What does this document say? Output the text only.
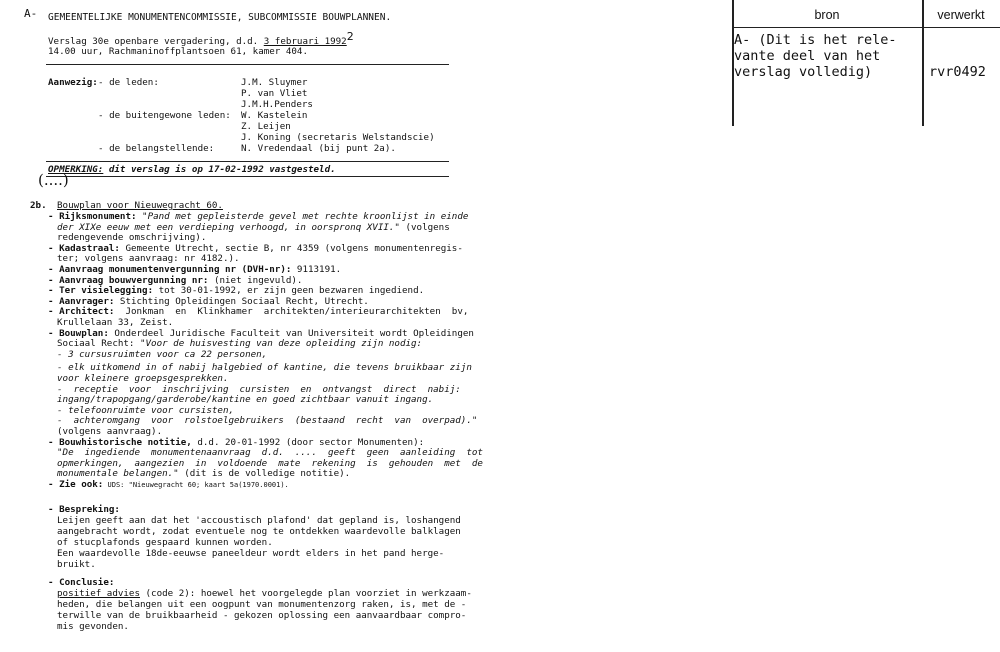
A- GEMEENTELIJKE MONUMENTENCOMMISSIE, SUBCOMMISSIE BOUWPLANNEN.
Verslag 30e openbare vergadering, d.d. 3 februari 19922
14.00 uur, Rachmaninoffplantsoen 61, kamer 404.
Aanwezig: - de leden:	J.M. Sluymer
P. van Vliet
J.M.H.Penders
- de buitengewone leden: W. Kastelein
Z. Leijen
J. Koning (secretaris Welstandscie)
- de belangstellende:	N. Vredendaal (bij punt 2a).
OPMERKING: dit verslag is op 17-02-1992 vastgesteld.
(....)
2b. Bouwplan voor Nieuwegracht 60.
- Rijksmonument: "Pand met gepleisterde gevel met rechte kroonlijst in einde
der XIXe eeuw met een verdieping verhoogd, in oorspronq XVII." (volgens
redengevende omschrijving).
- Kadastraal: Gemeente Utrecht, sectie B, nr 4359 (volgens monumentenregis-
ter; volgens aanvraag: nr 4182.).
- Aanvraag monumentenvergunning nr (DVH-nr): 9113191.
- Aanvraag bouwvergunning nr: (niet ingevuld).
- Ter visielegging: tot 30-01-1992, er zijn geen bezwaren ingediend.
- Aanvrager: Stichting Opleidingen Sociaal Recht, Utrecht.
- Architect:  Jonkman  en  Klinkhamer  architekten/interieurarchitekten  bv,
Krullelaan 33, Zeist.
- Bouwplan: Onderdeel Juridische Faculteit van Universiteit wordt Opleidingen
Sociaal Recht: "Voor de huisvesting van deze opleiding zijn nodig:
- 3 cursusruimten voor ca 22 personen,
- elk uitkomend in of nabij halgebied of kantine, die tevens bruikbaar zijn
voor kleinere groepsgesprekken.
-  receptie  voor  inschrijving  cursisten  en  ontvangst  direct  nabij:
ingang/trapopgang/garderobe/kantine en goed zichtbaar vanuit ingang.
- telefoonruimte voor cursisten,
-  achteromgang  voor  rolstoelgebruikers  (bestaand  recht  van  overpad)."
(volgens aanvraag).
- Bouwhistorische notitie, d.d. 20-01-1992 (door sector Monumenten):
"De  ingediende  monumentenaanvraag  d.d.  ....  geeft  geen  aanleiding  tot
opmerkingen,  aangezien  in  voldoende  mate  rekening  is  gehouden  met  de
monumentale belangen." (dit is de volledige notitie).
- Zie ook: UDS: "Nieuwegracht 60; kaart 5a(1970.0001).
- Bespreking:
Leijen geeft aan dat het 'accoustisch plafond' dat gepland is, loshangend
aangebracht wordt, zodat eventuele nog te ontdekken waardevolle balklagen
of stucplafonds gespaard kunnen worden.
Een waardevolle 18de-eeuwse paneeldeur wordt elders in het pand herge-
bruikt.
- Conclusie:
positief advies (code 2): hoewel het voorgelegde plan voorziet in werkzaam-
heden, die belangen uit een oogpunt van monumentenzorg raken, is, met de -
terwille van de bruikbaarheid - gekozen oplossing een aanvaardbaar compro-
mis gevonden.
bron	verwerkt
A- (Dit is het rele-
vante deel van het
verslag volledig)	rvr0492
